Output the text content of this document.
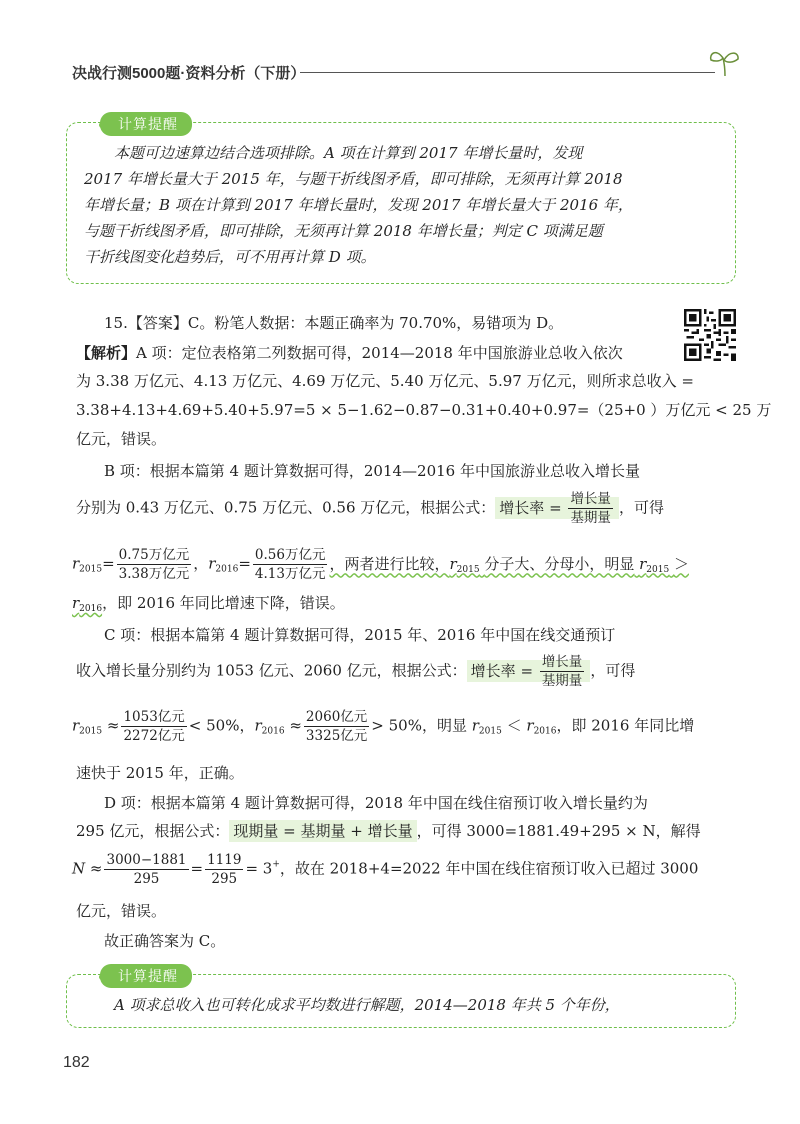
决战行测5000题·资料分析（下册）
计算提醒
本题可边速算边结合选项排除。A 项在计算到 2017 年增长量时，发现
2017 年增长量大于 2015 年，与题干折线图矛盾，即可排除，无须再计算 2018
年增长量；B 项在计算到 2017 年增长量时，发现 2017 年增长量大于 2016 年，
与题干折线图矛盾，即可排除，无须再计算 2018 年增长量；判定 C 项满足题
干折线图变化趋势后，可不用再计算 D 项。
15.【答案】C。粉笔人数据：本题正确率为 70.70%，易错项为 D。
【解析】A 项：定位表格第二列数据可得，2014—2018 年中国旅游业总收入依次
为 3.38 万亿元、4.13 万亿元、4.69 万亿元、5.40 万亿元、5.97 万亿元，则所求总收入 =
3.38+4.13+4.69+5.40+5.97=5 × 5−1.62−0.87−0.31+0.40+0.97=（25+0 ）万亿元 < 25 万
亿元，错误。
B 项：根据本篇第 4 题计算数据可得，2014—2016 年中国旅游业总收入增长量
分别为 0.43 万亿元、0.75 万亿元、0.56 万亿元，根据公式： 增长率 = $\frac{\text{增长量}}{\text{基期量}}$ ，可得
$r_{2015}= \frac{\text{0.75万亿元}}{\text{3.38万亿元}}$ ，$r_{2016}= \frac{\text{0.56万亿元}}{\text{4.13万亿元}}$ ，两者进行比较，$r_{2015}$ 分子大、分母小，明显 $r_{2015}$ ＞
$r_{2016}$，即 2016 年同比增速下降，错误。
C 项：根据本篇第 4 题计算数据可得，2015 年、2016 年中国在线交通预订
收入增长量分别约为 1053 亿元、2060 亿元，根据公式： 增长率 = $\frac{\text{增长量}}{\text{基期量}}$ ，可得
$r_{2015} \approx \frac{\text{1053亿元}}{\text{2272亿元}} < 50\%$，$r_{2016} \approx \frac{\text{2060亿元}}{\text{3325亿元}} > 50\%$，明显 $r_{2015} < r_{2016}$，即 2016 年同比增
速快于 2015 年，正确。
D 项：根据本篇第 4 题计算数据可得，2018 年中国在线住宿预订收入增长量约为
295 亿元，根据公式： 现期量 = 基期量 + 增长量 ，可得 3000=1881.49+295 × N，解得
$N \approx \frac{3000-1881}{295} = \frac{1119}{295} = 3^+$，故在 2018+4=2022 年中国在线住宿预订收入已超过 3000
亿元，错误。
故正确答案为 C。
计算提醒
A 项求总收入也可转化成求平均数进行解题，2014—2018 年共 5 个年份，
182
